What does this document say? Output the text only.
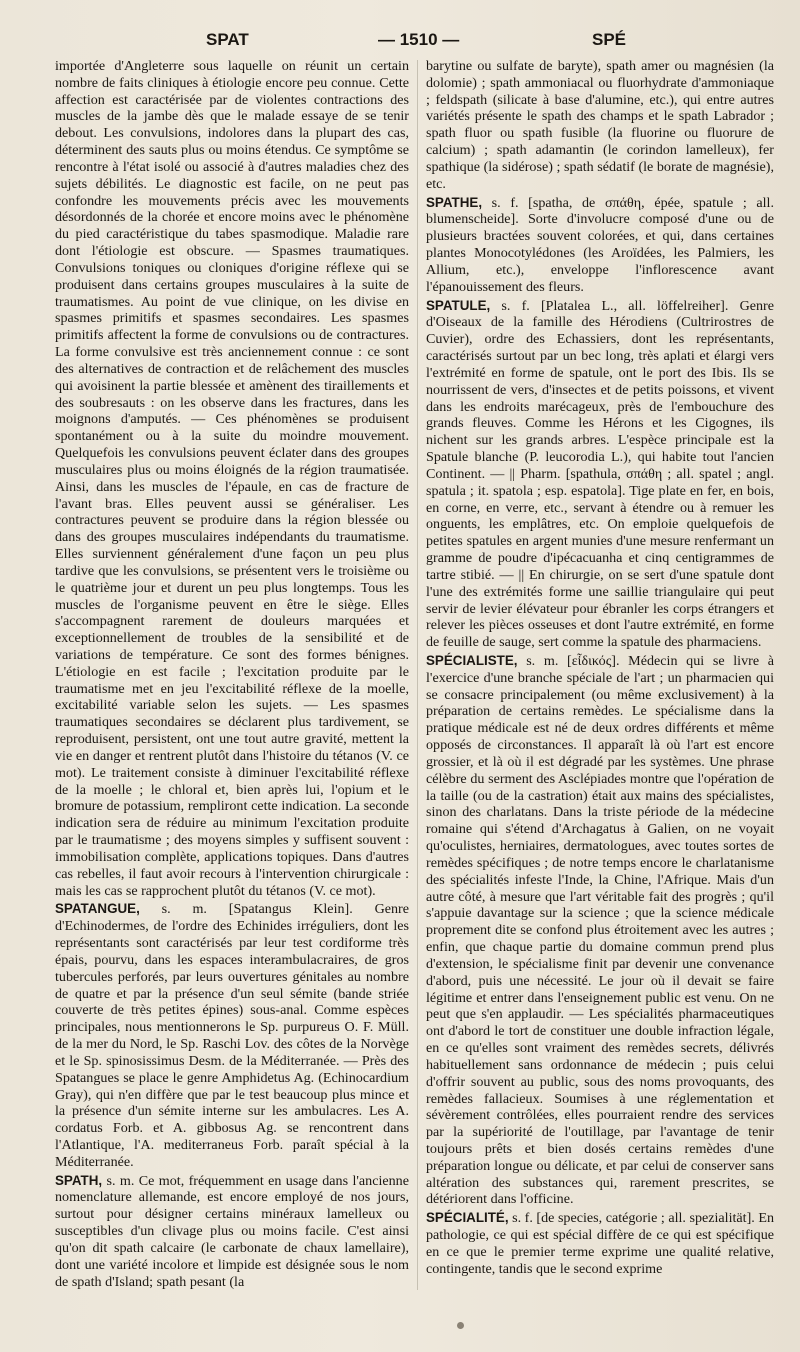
SPAT	— 1510 —	SPÉ

importée d'Angleterre sous laquelle on réunit un certain nombre de faits cliniques à étiologie encore peu connue. Cette affection est caractérisée par de violentes contractions des muscles de la jambe dès que le malade essaye de se tenir debout. Les convulsions, indolores dans la plupart des cas, déterminent des sauts plus ou moins étendus. Ce symptôme se rencontre à l'état isolé ou associé à d'autres maladies chez des sujets débilités. Le diagnostic est facile, on ne peut pas confondre les mouvements précis avec les mouvements désordonnés de la chorée et encore moins avec le phénomène du pied caractéristique du tabes spasmodique. Maladie rare dont l'étiologie est obscure. — Spasmes traumatiques. Convulsions toniques ou cloniques d'origine réflexe qui se produisent dans certains groupes musculaires à la suite de traumatismes. Au point de vue clinique, on les divise en spasmes primitifs et spasmes secondaires. Les spasmes primitifs affectent la forme de convulsions ou de contractures. La forme convulsive est très anciennement connue : ce sont des alternatives de contraction et de relâchement des muscles qui avoisinent la partie blessée et amènent des tiraillements et des soubresauts : on les observe dans les fractures, dans les moignons d'amputés. — Ces phénomènes se produisent spontanément ou à la suite du moindre mouvement. Quelquefois les convulsions peuvent éclater dans des groupes musculaires plus ou moins éloignés de la région traumatisée. Ainsi, dans les muscles de l'épaule, en cas de fracture de l'avant bras. Elles peuvent aussi se généraliser. Les contractures peuvent se produire dans la région blessée ou dans des groupes musculaires indépendants du traumatisme. Elles surviennent généralement d'une façon un peu plus tardive que les convulsions, se présentent vers le troisième ou le quatrième jour et durent un peu plus longtemps. Tous les muscles de l'organisme peuvent en être le siège. Elles s'accompagnent rarement de douleurs marquées et exceptionnellement de troubles de la sensibilité et de variations de température. Ce sont des formes bénignes. L'étiologie en est facile ; l'excitation produite par le traumatisme met en jeu l'excitabilité réflexe de la moelle, excitabilité variable selon les sujets. — Les spasmes traumatiques secondaires se déclarent plus tardivement, se reproduisent, persistent, ont une tout autre gravité, mettent la vie en danger et rentrent plutôt dans l'histoire du tétanos (V. ce mot). Le traitement consiste à diminuer l'excitabilité réflexe de la moelle ; le chloral et, bien après lui, l'opium et le bromure de potassium, rempliront cette indication. La seconde indication sera de réduire au minimum l'excitation produite par le traumatisme ; des moyens simples y suffisent souvent : immobilisation complète, applications topiques. Dans d'autres cas rebelles, il faut avoir recours à l'intervention chirurgicale : mais les cas se rapprochent plutôt du tétanos (V. ce mot).

SPATANGUE, s. m. [Spatangus Klein]. Genre d'Echinodermes, de l'ordre des Echinides irréguliers, dont les représentants sont caractérisés par leur test cordiforme très épais, pourvu, dans les espaces interambulacraires, de gros tubercules perforés, par leurs ouvertures génitales au nombre de quatre et par la présence d'un seul sémite (bande striée couverte de très petites épines) sous-anal. Comme espèces principales, nous mentionnerons le Sp. purpureus O. F. Müll. de la mer du Nord, le Sp. Raschi Lov. des côtes de la Norvège et le Sp. spinosissimus Desm. de la Méditerranée. — Près des Spatangues se place le genre Amphidetus Ag. (Echinocardium Gray), qui n'en diffère que par le test beaucoup plus mince et la présence d'un sémite interne sur les ambulacres. Les A. cordatus Forb. et A. gibbosus Ag. se rencontrent dans l'Atlantique, l'A. mediterraneus Forb. paraît spécial à la Méditerranée.

SPATH, s. m. Ce mot, fréquemment en usage dans l'ancienne nomenclature allemande, est encore employé de nos jours, surtout pour désigner certains minéraux lamelleux ou susceptibles d'un clivage plus ou moins facile. C'est ainsi qu'on dit spath calcaire (le carbonate de chaux lamellaire), dont une variété incolore et limpide est désignée sous le nom de spath d'Island; spath pesant (la

barytine ou sulfate de baryte), spath amer ou magnésien (la dolomie) ; spath ammoniacal ou fluorhydrate d'ammoniaque ; feldspath (silicate à base d'alumine, etc.), qui entre autres variétés présente le spath des champs et le spath Labrador ; spath fluor ou spath fusible (la fluorine ou fluorure de calcium) ; spath adamantin (le corindon lamelleux), fer spathique (la sidérose) ; spath sédatif (le borate de magnésie), etc.

SPATHE, s. f. [spatha, de σπάθη, épée, spatule ; all. blumenscheide]. Sorte d'involucre composé d'une ou de plusieurs bractées souvent colorées, et qui, dans certaines plantes Monocotylédones (les Aroïdées, les Palmiers, les Allium, etc.), enveloppe l'inflorescence avant l'épanouissement des fleurs.

SPATULE, s. f. [Platalea L., all. löffelreiher]. Genre d'Oiseaux de la famille des Hérodiens (Cultrirostres de Cuvier), ordre des Echassiers, dont les représentants, caractérisés surtout par un bec long, très aplati et élargi vers l'extrémité en forme de spatule, ont le port des Ibis. Ils se nourrissent de vers, d'insectes et de petits poissons, et vivent dans les endroits marécageux, près de l'embouchure des grands fleuves. Comme les Hérons et les Cigognes, ils nichent sur les grands arbres. L'espèce principale est la Spatule blanche (P. leucorodia L.), qui habite tout l'ancien Continent. — || Pharm. [spathula, σπάθη ; all. spatel ; angl. spatula ; it. spatola ; esp. espatola]. Tige plate en fer, en bois, en corne, en verre, etc., servant à étendre ou à remuer les onguents, les emplâtres, etc. On emploie quelquefois de petites spatules en argent munies d'une mesure renfermant un gramme de poudre d'ipécacuanha et cinq centigrammes de tartre stibié. — || En chirurgie, on se sert d'une spatule dont l'une des extrémités forme une saillie triangulaire qui peut servir de levier élévateur pour ébranler les corps étrangers et relever les pièces osseuses et dont l'autre extrémité, en forme de feuille de sauge, sert comme la spatule des pharmaciens.

SPÉCIALISTE, s. m. [εἶδικός]. Médecin qui se livre à l'exercice d'une branche spéciale de l'art ; un pharmacien qui se consacre principalement (ou même exclusivement) à la préparation de certains remèdes. Le spécialisme dans la pratique médicale est né de deux ordres différents et même opposés de circonstances. Il apparaît là où l'art est encore grossier, et là où il est dégradé par les systèmes. Une phrase célèbre du serment des Asclépiades montre que l'opération de la taille (ou de la castration) était aux mains des spécialistes, sinon des charlatans. Dans la triste période de la médecine romaine qui s'étend d'Archagatus à Galien, on ne voyait qu'oculistes, herniaires, dermatologues, avec toutes sortes de remèdes spécifiques ; de notre temps encore le charlatanisme des spécialités infeste l'Inde, la Chine, l'Afrique. Mais d'un autre côté, à mesure que l'art véritable fait des progrès ; qu'il s'appuie davantage sur la science ; que la science médicale proprement dite se confond plus étroitement avec les autres ; enfin, que chaque partie du domaine commun prend plus d'extension, le spécialisme finit par devenir une convenance d'abord, puis une nécessité. Le jour où il devait se faire légitime et entrer dans l'enseignement public est venu. On ne peut que s'en applaudir. — Les spécialités pharmaceutiques ont d'abord le tort de constituer une double infraction légale, en ce qu'elles sont vraiment des remèdes secrets, délivrés habituellement sans ordonnance de médecin ; puis celui d'offrir souvent au public, sous des noms provoquants, des remèdes fallacieux. Soumises à une réglementation et sévèrement contrôlées, elles pourraient rendre des services par la supériorité de l'outillage, par l'avantage de tenir toujours prêts et bien dosés certains remèdes d'une préparation longue ou délicate, et par celui de conserver sans altération des substances qui, rarement prescrites, se détériorent dans l'officine.

SPÉCIALITÉ, s. f. [de species, catégorie ; all. spezialität]. En pathologie, ce qui est spécial diffère de ce qui est spécifique en ce que le premier terme exprime une qualité relative, contingente, tandis que le second exprime
